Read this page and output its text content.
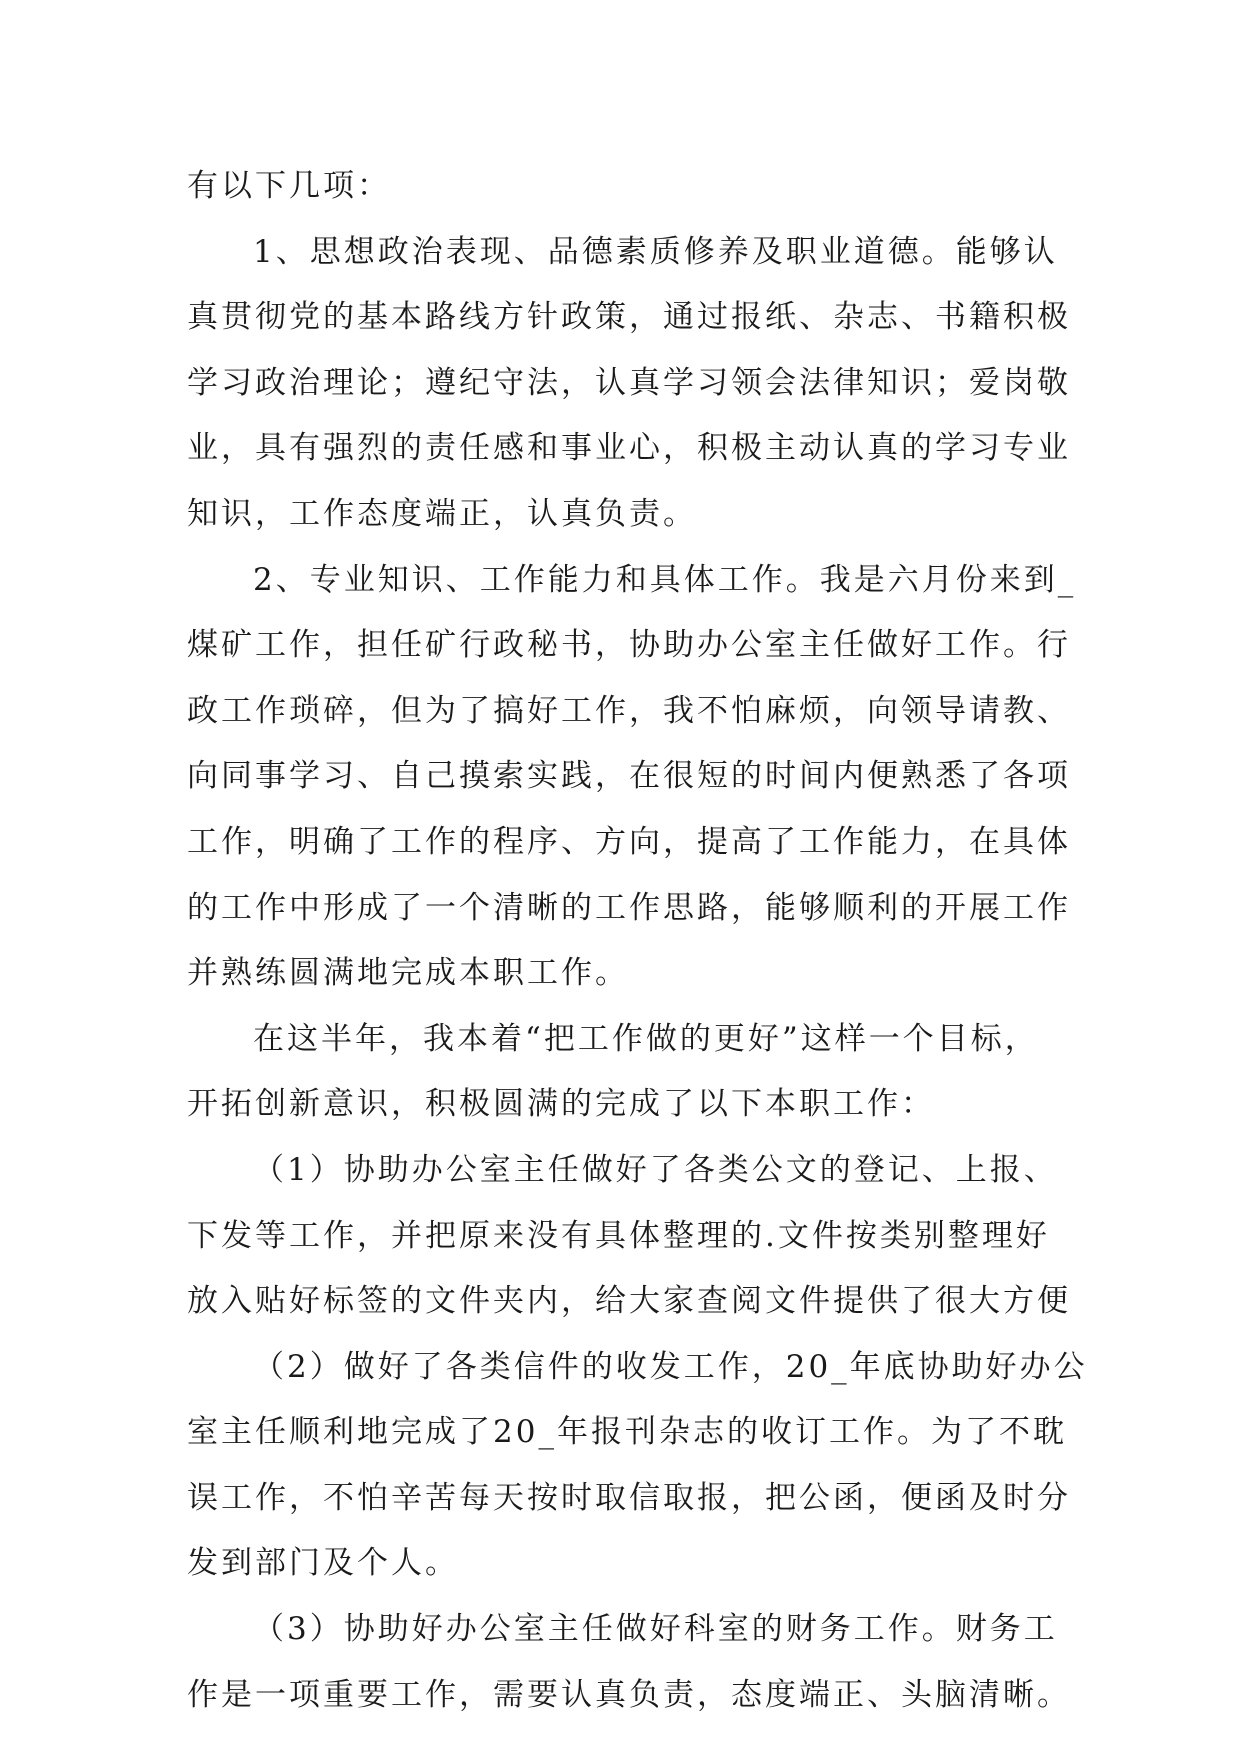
有以下几项：

1、思想政治表现、品德素质修养及职业道德。能够认
真贯彻党的基本路线方针政策，通过报纸、杂志、书籍积极
学习政治理论；遵纪守法，认真学习领会法律知识；爱岗敬
业，具有强烈的责任感和事业心，积极主动认真的学习专业
知识，工作态度端正，认真负责。

2、专业知识、工作能力和具体工作。我是六月份来到_
煤矿工作，担任矿行政秘书，协助办公室主任做好工作。行
政工作琐碎，但为了搞好工作，我不怕麻烦，向领导请教、
向同事学习、自己摸索实践，在很短的时间内便熟悉了各项
工作，明确了工作的程序、方向，提高了工作能力，在具体
的工作中形成了一个清晰的工作思路，能够顺利的开展工作
并熟练圆满地完成本职工作。

在这半年，我本着“把工作做的更好”这样一个目标，
开拓创新意识，积极圆满的完成了以下本职工作：

（1）协助办公室主任做好了各类公文的登记、上报、
下发等工作，并把原来没有具体整理的.文件按类别整理好
放入贴好标签的文件夹内，给大家查阅文件提供了很大方便

（2）做好了各类信件的收发工作，20_年底协助好办公
室主任顺利地完成了20_年报刊杂志的收订工作。为了不耽
误工作，不怕辛苦每天按时取信取报，把公函，便函及时分
发到部门及个人。

（3）协助好办公室主任做好科室的财务工作。财务工
作是一项重要工作，需要认真负责，态度端正、头脑清晰。
